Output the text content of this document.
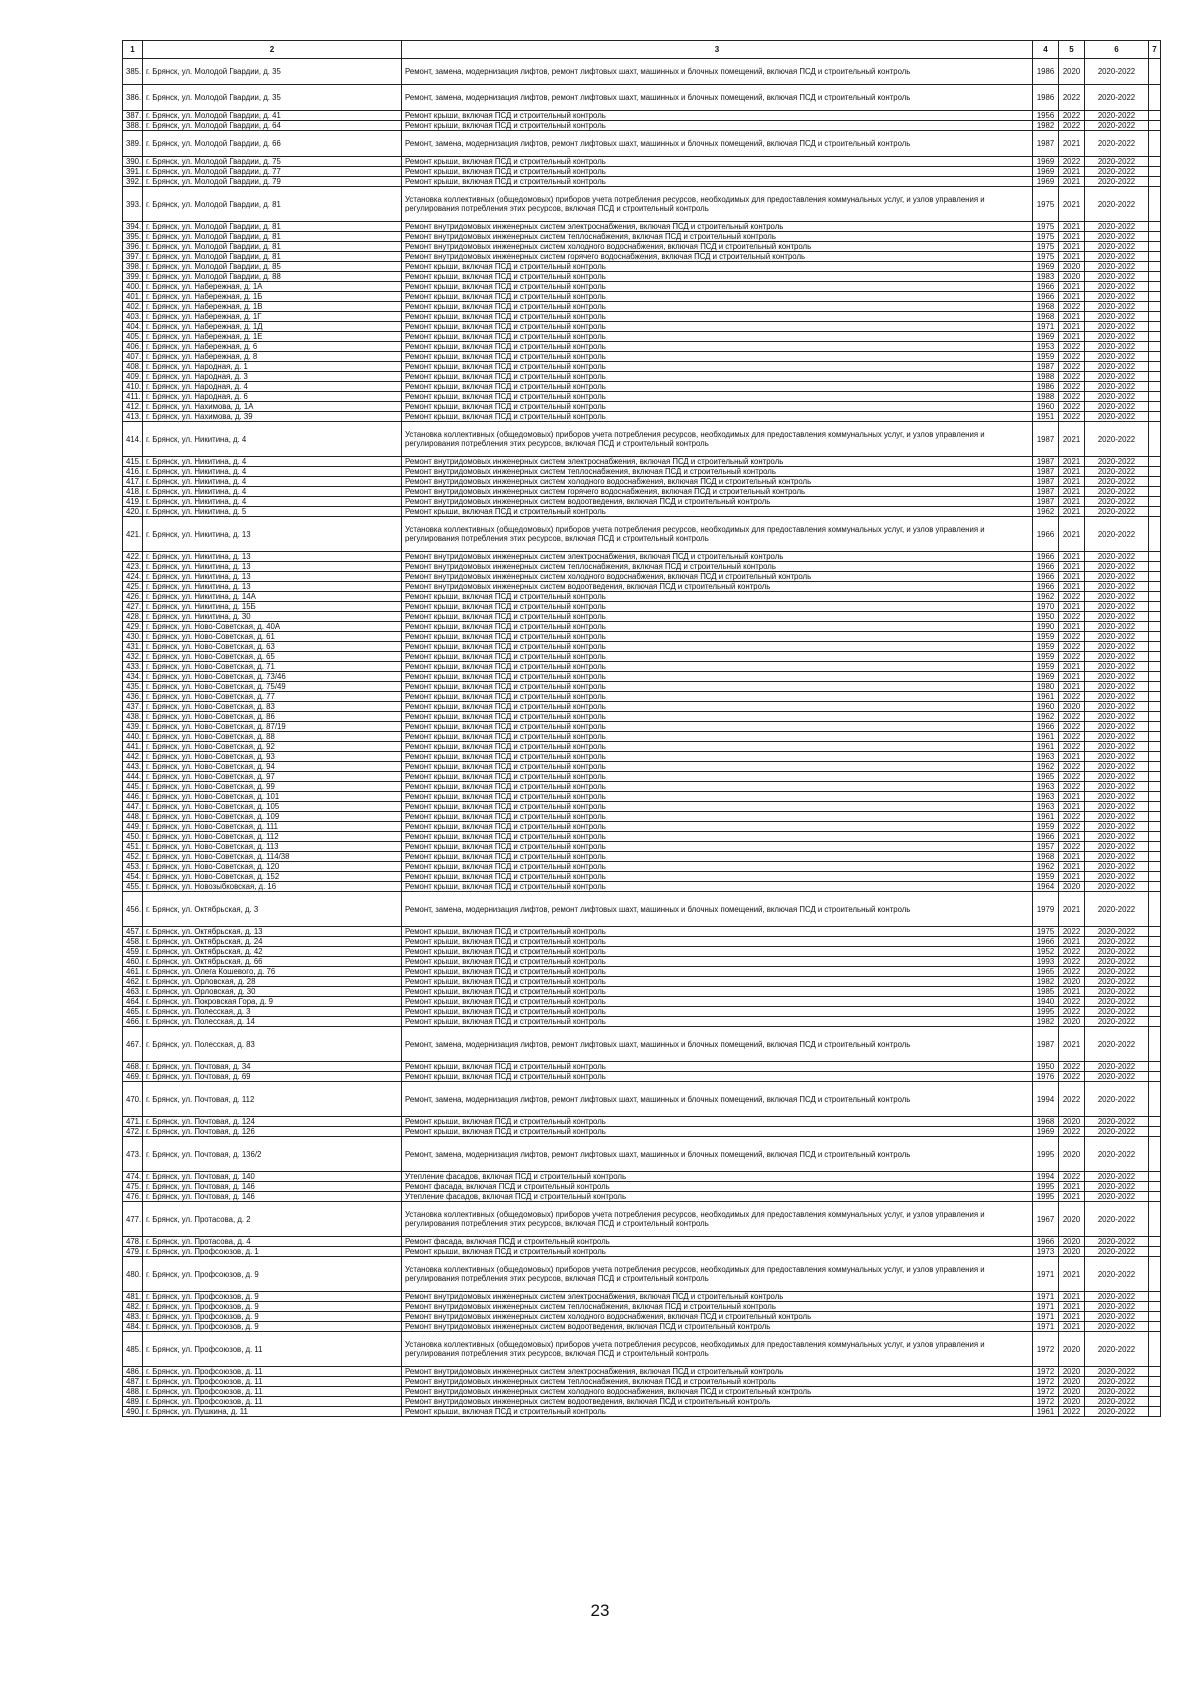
1	2	3	4	5	6	7
385.	г. Брянск, ул. Молодой Гвардии, д. 35	Ремонт, замена, модернизация лифтов, ремонт лифтовых шахт, машинных и блочных помещений, включая ПСД и строительный контроль	1986	2020	2020-2022	
386.	г. Брянск, ул. Молодой Гвардии, д. 35	Ремонт, замена, модернизация лифтов, ремонт лифтовых шахт, машинных и блочных помещений, включая ПСД и строительный контроль	1986	2022	2020-2022	
387.	г. Брянск, ул. Молодой Гвардии, д. 41	Ремонт крыши, включая ПСД и строительный контроль	1956	2022	2020-2022	
388.	г. Брянск, ул. Молодой Гвардии, д. 64	Ремонт крыши, включая ПСД и строительный контроль	1982	2022	2020-2022	
389.	г. Брянск, ул. Молодой Гвардии, д. 66	Ремонт, замена, модернизация лифтов, ремонт лифтовых шахт, машинных и блочных помещений, включая ПСД и строительный контроль	1987	2021	2020-2022	
390.	г. Брянск, ул. Молодой Гвардии, д. 75	Ремонт крыши, включая ПСД и строительный контроль	1969	2022	2020-2022	
391.	г. Брянск, ул. Молодой Гвардии, д. 77	Ремонт крыши, включая ПСД и строительный контроль	1969	2021	2020-2022	
392.	г. Брянск, ул. Молодой Гвардии, д. 79	Ремонт крыши, включая ПСД и строительный контроль	1969	2021	2020-2022	
393.	г. Брянск, ул. Молодой Гвардии, д. 81	Установка коллективных (общедомовых) приборов учета потребления ресурсов, необходимых для предоставления коммунальных услуг, и узлов управления и регулирования потребления этих ресурсов, включая ПСД и строительный контроль	1975	2021	2020-2022	
394.	г. Брянск, ул. Молодой Гвардии, д. 81	Ремонт внутридомовых инженерных систем электроснабжения, включая ПСД и строительный контроль	1975	2021	2020-2022	
395.	г. Брянск, ул. Молодой Гвардии, д. 81	Ремонт внутридомовых инженерных систем теплоснабжения, включая ПСД и строительный контроль	1975	2021	2020-2022	
396.	г. Брянск, ул. Молодой Гвардии, д. 81	Ремонт внутридомовых инженерных систем холодного водоснабжения, включая ПСД и строительный контроль	1975	2021	2020-2022	
397.	г. Брянск, ул. Молодой Гвардии, д. 81	Ремонт внутридомовых инженерных систем горячего водоснабжения, включая ПСД и строительный контроль	1975	2021	2020-2022	
398.	г. Брянск, ул. Молодой Гвардии, д. 85	Ремонт крыши, включая ПСД и строительный контроль	1969	2020	2020-2022	
399.	г. Брянск, ул. Молодой Гвардии, д. 88	Ремонт крыши, включая ПСД и строительный контроль	1983	2020	2020-2022	
400.	г. Брянск, ул. Набережная, д. 1А	Ремонт крыши, включая ПСД и строительный контроль	1966	2021	2020-2022	
401.	г. Брянск, ул. Набережная, д. 1Б	Ремонт крыши, включая ПСД и строительный контроль	1966	2021	2020-2022	
402.	г. Брянск, ул. Набережная, д. 1В	Ремонт крыши, включая ПСД и строительный контроль	1968	2022	2020-2022	
403.	г. Брянск, ул. Набережная, д. 1Г	Ремонт крыши, включая ПСД и строительный контроль	1968	2021	2020-2022	
404.	г. Брянск, ул. Набережная, д. 1Д	Ремонт крыши, включая ПСД и строительный контроль	1971	2021	2020-2022	
405.	г. Брянск, ул. Набережная, д. 1Е	Ремонт крыши, включая ПСД и строительный контроль	1969	2021	2020-2022	
406.	г. Брянск, ул. Набережная, д. 6	Ремонт крыши, включая ПСД и строительный контроль	1953	2022	2020-2022	
407.	г. Брянск, ул. Набережная, д. 8	Ремонт крыши, включая ПСД и строительный контроль	1959	2022	2020-2022	
408.	г. Брянск, ул. Народная, д. 1	Ремонт крыши, включая ПСД и строительный контроль	1987	2022	2020-2022	
409.	г. Брянск, ул. Народная, д. 3	Ремонт крыши, включая ПСД и строительный контроль	1988	2022	2020-2022	
410.	г. Брянск, ул. Народная, д. 4	Ремонт крыши, включая ПСД и строительный контроль	1986	2022	2020-2022	
411.	г. Брянск, ул. Народная, д. 6	Ремонт крыши, включая ПСД и строительный контроль	1988	2022	2020-2022	
412.	г. Брянск, ул. Нахимова, д. 1А	Ремонт крыши, включая ПСД и строительный контроль	1960	2022	2020-2022	
413.	г. Брянск, ул. Нахимова, д. 39	Ремонт крыши, включая ПСД и строительный контроль	1951	2022	2020-2022	
414.	г. Брянск, ул. Никитина, д. 4	Установка коллективных (общедомовых) приборов учета потребления ресурсов, необходимых для предоставления коммунальных услуг, и узлов управления и регулирования потребления этих ресурсов, включая ПСД и строительный контроль	1987	2021	2020-2022	
415.	г. Брянск, ул. Никитина, д. 4	Ремонт внутридомовых инженерных систем электроснабжения, включая ПСД и строительный контроль	1987	2021	2020-2022	
416.	г. Брянск, ул. Никитина, д. 4	Ремонт внутридомовых инженерных систем теплоснабжения, включая ПСД и строительный контроль	1987	2021	2020-2022	
417.	г. Брянск, ул. Никитина, д. 4	Ремонт внутридомовых инженерных систем холодного водоснабжения, включая ПСД и строительный контроль	1987	2021	2020-2022	
418.	г. Брянск, ул. Никитина, д. 4	Ремонт внутридомовых инженерных систем горячего водоснабжения, включая ПСД и строительный контроль	1987	2021	2020-2022	
419.	г. Брянск, ул. Никитина, д. 4	Ремонт внутридомовых инженерных систем водоотведения, включая ПСД и строительный контроль	1987	2021	2020-2022	
420.	г. Брянск, ул. Никитина, д. 5	Ремонт крыши, включая ПСД и строительный контроль	1962	2021	2020-2022	
421.	г. Брянск, ул. Никитина, д. 13	Установка коллективных (общедомовых) приборов учета потребления ресурсов, необходимых для предоставления коммунальных услуг, и узлов управления и регулирования потребления этих ресурсов, включая ПСД и строительный контроль	1966	2021	2020-2022	
422.	г. Брянск, ул. Никитина, д. 13	Ремонт внутридомовых инженерных систем электроснабжения, включая ПСД и строительный контроль	1966	2021	2020-2022	
423.	г. Брянск, ул. Никитина, д. 13	Ремонт внутридомовых инженерных систем теплоснабжения, включая ПСД и строительный контроль	1966	2021	2020-2022	
424.	г. Брянск, ул. Никитина, д. 13	Ремонт внутридомовых инженерных систем холодного водоснабжения, включая ПСД и строительный контроль	1966	2021	2020-2022	
425.	г. Брянск, ул. Никитина, д. 13	Ремонт внутридомовых инженерных систем водоотведения, включая ПСД и строительный контроль	1966	2021	2020-2022	
426.	г. Брянск, ул. Никитина, д. 14А	Ремонт крыши, включая ПСД и строительный контроль	1962	2022	2020-2022	
427.	г. Брянск, ул. Никитина, д. 15Б	Ремонт крыши, включая ПСД и строительный контроль	1970	2021	2020-2022	
428.	г. Брянск, ул. Никитина, д. 30	Ремонт крыши, включая ПСД и строительный контроль	1950	2022	2020-2022	
429.	г. Брянск, ул. Ново-Советская, д. 40А	Ремонт крыши, включая ПСД и строительный контроль	1990	2021	2020-2022	
430.	г. Брянск, ул. Ново-Советская, д. 61	Ремонт крыши, включая ПСД и строительный контроль	1959	2022	2020-2022	
431.	г. Брянск, ул. Ново-Советская, д. 63	Ремонт крыши, включая ПСД и строительный контроль	1959	2022	2020-2022	
432.	г. Брянск, ул. Ново-Советская, д. 65	Ремонт крыши, включая ПСД и строительный контроль	1959	2022	2020-2022	
433.	г. Брянск, ул. Ново-Советская, д. 71	Ремонт крыши, включая ПСД и строительный контроль	1959	2021	2020-2022	
434.	г. Брянск, ул. Ново-Советская, д. 73/46	Ремонт крыши, включая ПСД и строительный контроль	1969	2021	2020-2022	
435.	г. Брянск, ул. Ново-Советская, д. 75/49	Ремонт крыши, включая ПСД и строительный контроль	1980	2021	2020-2022	
436.	г. Брянск, ул. Ново-Советская, д. 77	Ремонт крыши, включая ПСД и строительный контроль	1961	2022	2020-2022	
437.	г. Брянск, ул. Ново-Советская, д. 83	Ремонт крыши, включая ПСД и строительный контроль	1960	2020	2020-2022	
438.	г. Брянск, ул. Ново-Советская, д. 86	Ремонт крыши, включая ПСД и строительный контроль	1962	2022	2020-2022	
439.	г. Брянск, ул. Ново-Советская, д. 87/19	Ремонт крыши, включая ПСД и строительный контроль	1966	2022	2020-2022	
440.	г. Брянск, ул. Ново-Советская, д. 88	Ремонт крыши, включая ПСД и строительный контроль	1961	2022	2020-2022	
441.	г. Брянск, ул. Ново-Советская, д. 92	Ремонт крыши, включая ПСД и строительный контроль	1961	2022	2020-2022	
442.	г. Брянск, ул. Ново-Советская, д. 93	Ремонт крыши, включая ПСД и строительный контроль	1963	2021	2020-2022	
443.	г. Брянск, ул. Ново-Советская, д. 94	Ремонт крыши, включая ПСД и строительный контроль	1962	2022	2020-2022	
444.	г. Брянск, ул. Ново-Советская, д. 97	Ремонт крыши, включая ПСД и строительный контроль	1965	2022	2020-2022	
445.	г. Брянск, ул. Ново-Советская, д. 99	Ремонт крыши, включая ПСД и строительный контроль	1963	2022	2020-2022	
446.	г. Брянск, ул. Ново-Советская, д. 101	Ремонт крыши, включая ПСД и строительный контроль	1963	2021	2020-2022	
447.	г. Брянск, ул. Ново-Советская, д. 105	Ремонт крыши, включая ПСД и строительный контроль	1963	2021	2020-2022	
448.	г. Брянск, ул. Ново-Советская, д. 109	Ремонт крыши, включая ПСД и строительный контроль	1961	2022	2020-2022	
449.	г. Брянск, ул. Ново-Советская, д. 111	Ремонт крыши, включая ПСД и строительный контроль	1959	2022	2020-2022	
450.	г. Брянск, ул. Ново-Советская, д. 112	Ремонт крыши, включая ПСД и строительный контроль	1966	2021	2020-2022	
451.	г. Брянск, ул. Ново-Советская, д. 113	Ремонт крыши, включая ПСД и строительный контроль	1957	2022	2020-2022	
452.	г. Брянск, ул. Ново-Советская, д. 114/38	Ремонт крыши, включая ПСД и строительный контроль	1968	2021	2020-2022	
453.	г. Брянск, ул. Ново-Советская, д. 120	Ремонт крыши, включая ПСД и строительный контроль	1962	2021	2020-2022	
454.	г. Брянск, ул. Ново-Советская, д. 152	Ремонт крыши, включая ПСД и строительный контроль	1959	2021	2020-2022	
455.	г. Брянск, ул. Новозыбковская, д. 16	Ремонт крыши, включая ПСД и строительный контроль	1964	2020	2020-2022	
456.	г. Брянск, ул. Октябрьская, д. 3	Ремонт, замена, модернизация лифтов, ремонт лифтовых шахт, машинных и блочных помещений, включая ПСД и строительный контроль	1979	2021	2020-2022	
457.	г. Брянск, ул. Октябрьская, д. 13	Ремонт крыши, включая ПСД и строительный контроль	1975	2022	2020-2022	
458.	г. Брянск, ул. Октябрьская, д. 24	Ремонт крыши, включая ПСД и строительный контроль	1966	2021	2020-2022	
459.	г. Брянск, ул. Октябрьская, д. 42	Ремонт крыши, включая ПСД и строительный контроль	1952	2022	2020-2022	
460.	г. Брянск, ул. Октябрьская, д. 66	Ремонт крыши, включая ПСД и строительный контроль	1993	2022	2020-2022	
461.	г. Брянск, ул. Олега Кошевого, д. 76	Ремонт крыши, включая ПСД и строительный контроль	1965	2022	2020-2022	
462.	г. Брянск, ул. Орловская, д. 28	Ремонт крыши, включая ПСД и строительный контроль	1982	2020	2020-2022	
463.	г. Брянск, ул. Орловская, д. 30	Ремонт крыши, включая ПСД и строительный контроль	1985	2021	2020-2022	
464.	г. Брянск, ул. Покровская Гора, д. 9	Ремонт крыши, включая ПСД и строительный контроль	1940	2022	2020-2022	
465.	г. Брянск, ул. Полесская, д. 3	Ремонт крыши, включая ПСД и строительный контроль	1995	2022	2020-2022	
466.	г. Брянск, ул. Полесская, д. 14	Ремонт крыши, включая ПСД и строительный контроль	1982	2020	2020-2022	
467.	г. Брянск, ул. Полесская, д. 83	Ремонт, замена, модернизация лифтов, ремонт лифтовых шахт, машинных и блочных помещений, включая ПСД и строительный контроль	1987	2021	2020-2022	
468.	г. Брянск, ул. Почтовая, д. 34	Ремонт крыши, включая ПСД и строительный контроль	1950	2022	2020-2022	
469.	г. Брянск, ул. Почтовая, д. 69	Ремонт крыши, включая ПСД и строительный контроль	1976	2022	2020-2022	
470.	г. Брянск, ул. Почтовая, д. 112	Ремонт, замена, модернизация лифтов, ремонт лифтовых шахт, машинных и блочных помещений, включая ПСД и строительный контроль	1994	2022	2020-2022	
471.	г. Брянск, ул. Почтовая, д. 124	Ремонт крыши, включая ПСД и строительный контроль	1968	2020	2020-2022	
472.	г. Брянск, ул. Почтовая, д. 126	Ремонт крыши, включая ПСД и строительный контроль	1969	2022	2020-2022	
473.	г. Брянск, ул. Почтовая, д. 136/2	Ремонт, замена, модернизация лифтов, ремонт лифтовых шахт, машинных и блочных помещений, включая ПСД и строительный контроль	1995	2020	2020-2022	
474.	г. Брянск, ул. Почтовая, д. 140	Утепление фасадов, включая ПСД и строительный контроль	1994	2022	2020-2022	
475.	г. Брянск, ул. Почтовая, д. 146	Ремонт фасада, включая ПСД и строительный контроль	1995	2021	2020-2022	
476.	г. Брянск, ул. Почтовая, д. 146	Утепление фасадов, включая ПСД и строительный контроль	1995	2021	2020-2022	
477.	г. Брянск, ул. Протасова, д. 2	Установка коллективных (общедомовых) приборов учета потребления ресурсов, необходимых для предоставления коммунальных услуг, и узлов управления и регулирования потребления этих ресурсов, включая ПСД и строительный контроль	1967	2020	2020-2022	
478.	г. Брянск, ул. Протасова, д. 4	Ремонт фасада, включая ПСД и строительный контроль	1966	2020	2020-2022	
479.	г. Брянск, ул. Профсоюзов, д. 1	Ремонт крыши, включая ПСД и строительный контроль	1973	2020	2020-2022	
480.	г. Брянск, ул. Профсоюзов, д. 9	Установка коллективных (общедомовых) приборов учета потребления ресурсов, необходимых для предоставления коммунальных услуг, и узлов управления и регулирования потребления этих ресурсов, включая ПСД и строительный контроль	1971	2021	2020-2022	
481.	г. Брянск, ул. Профсоюзов, д. 9	Ремонт внутридомовых инженерных систем электроснабжения, включая ПСД и строительный контроль	1971	2021	2020-2022	
482.	г. Брянск, ул. Профсоюзов, д. 9	Ремонт внутридомовых инженерных систем теплоснабжения, включая ПСД и строительный контроль	1971	2021	2020-2022	
483.	г. Брянск, ул. Профсоюзов, д. 9	Ремонт внутридомовых инженерных систем холодного водоснабжения, включая ПСД и строительный контроль	1971	2021	2020-2022	
484.	г. Брянск, ул. Профсоюзов, д. 9	Ремонт внутридомовых инженерных систем водоотведения, включая ПСД и строительный контроль	1971	2021	2020-2022	
485.	г. Брянск, ул. Профсоюзов, д. 11	Установка коллективных (общедомовых) приборов учета потребления ресурсов, необходимых для предоставления коммунальных услуг, и узлов управления и регулирования потребления этих ресурсов, включая ПСД и строительный контроль	1972	2020	2020-2022	
486.	г. Брянск, ул. Профсоюзов, д. 11	Ремонт внутридомовых инженерных систем электроснабжения, включая ПСД и строительный контроль	1972	2020	2020-2022	
487.	г. Брянск, ул. Профсоюзов, д. 11	Ремонт внутридомовых инженерных систем теплоснабжения, включая ПСД и строительный контроль	1972	2020	2020-2022	
488.	г. Брянск, ул. Профсоюзов, д. 11	Ремонт внутридомовых инженерных систем холодного водоснабжения, включая ПСД и строительный контроль	1972	2020	2020-2022	
489.	г. Брянск, ул. Профсоюзов, д. 11	Ремонт внутридомовых инженерных систем водоотведения, включая ПСД и строительный контроль	1972	2020	2020-2022	
490.	г. Брянск, ул. Пушкина, д. 11	Ремонт крыши, включая ПСД и строительный контроль	1961	2022	2020-2022	
23
